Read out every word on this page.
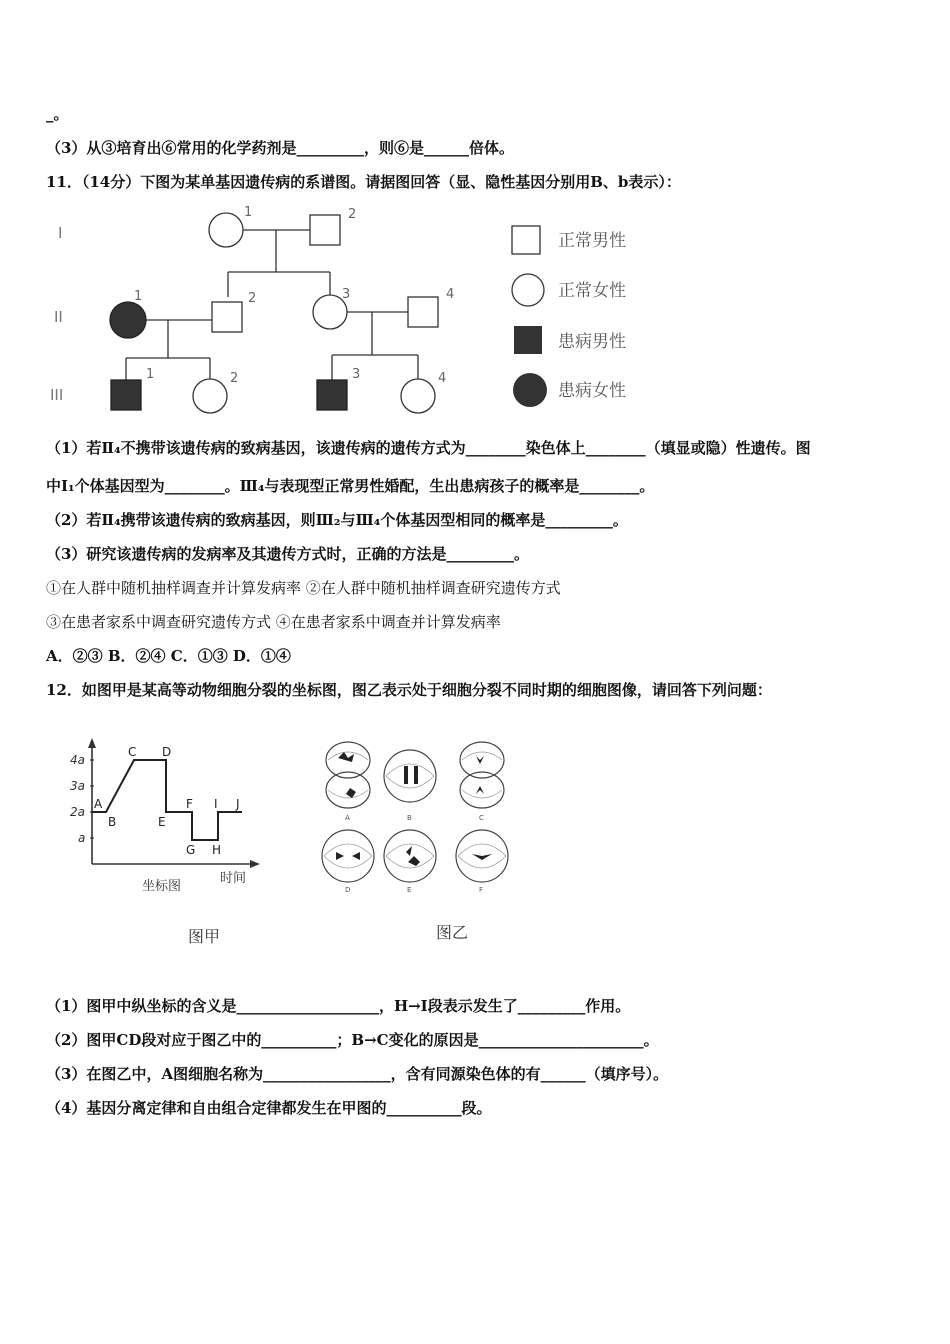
_。
（3）从③培育出⑥常用的化学药剂是_________，则⑥是______倍体。
11．（14分）下图为某单基因遗传病的系谱图。请据图回答（显、隐性基因分别用B、b表示）：
I
II
III
1	2
1	2	3	4
1	2	3	4
正常男性
正常女性
患病男性
患病女性
（1）若Ⅱ₄不携带该遗传病的致病基因，该遗传病的遗传方式为________染色体上________（填显或隐）性遗传。图
中Ⅰ₁个体基因型为________。Ⅲ₄与表现型正常男性婚配，生出患病孩子的概率是________。
（2）若Ⅱ₄携带该遗传病的致病基因，则Ⅲ₂与Ⅲ₄个体基因型相同的概率是_________。
（3）研究该遗传病的发病率及其遗传方式时，正确的方法是_________。
①在人群中随机抽样调查并计算发病率 ②在人群中随机抽样调查研究遗传方式
③在患者家系中调查研究遗传方式 ④在患者家系中调查并计算发病率
A．②③ B．②④ C．①③ D．①④
12．如图甲是某高等动物细胞分裂的坐标图，图乙表示处于细胞分裂不同时期的细胞图像，请回答下列问题：
4a
3a
2a
a
A
B
C D
E
F
G H
I J
时间
坐标图
图甲
A	B	C
D	E	F
图乙
（1）图甲中纵坐标的含义是___________________，H→I段表示发生了_________作用。
（2）图甲CD段对应于图乙中的__________；B→C变化的原因是______________________。
（3）在图乙中，A图细胞名称为_________________，含有同源染色体的有______（填序号）。
（4）基因分离定律和自由组合定律都发生在甲图的__________段。
